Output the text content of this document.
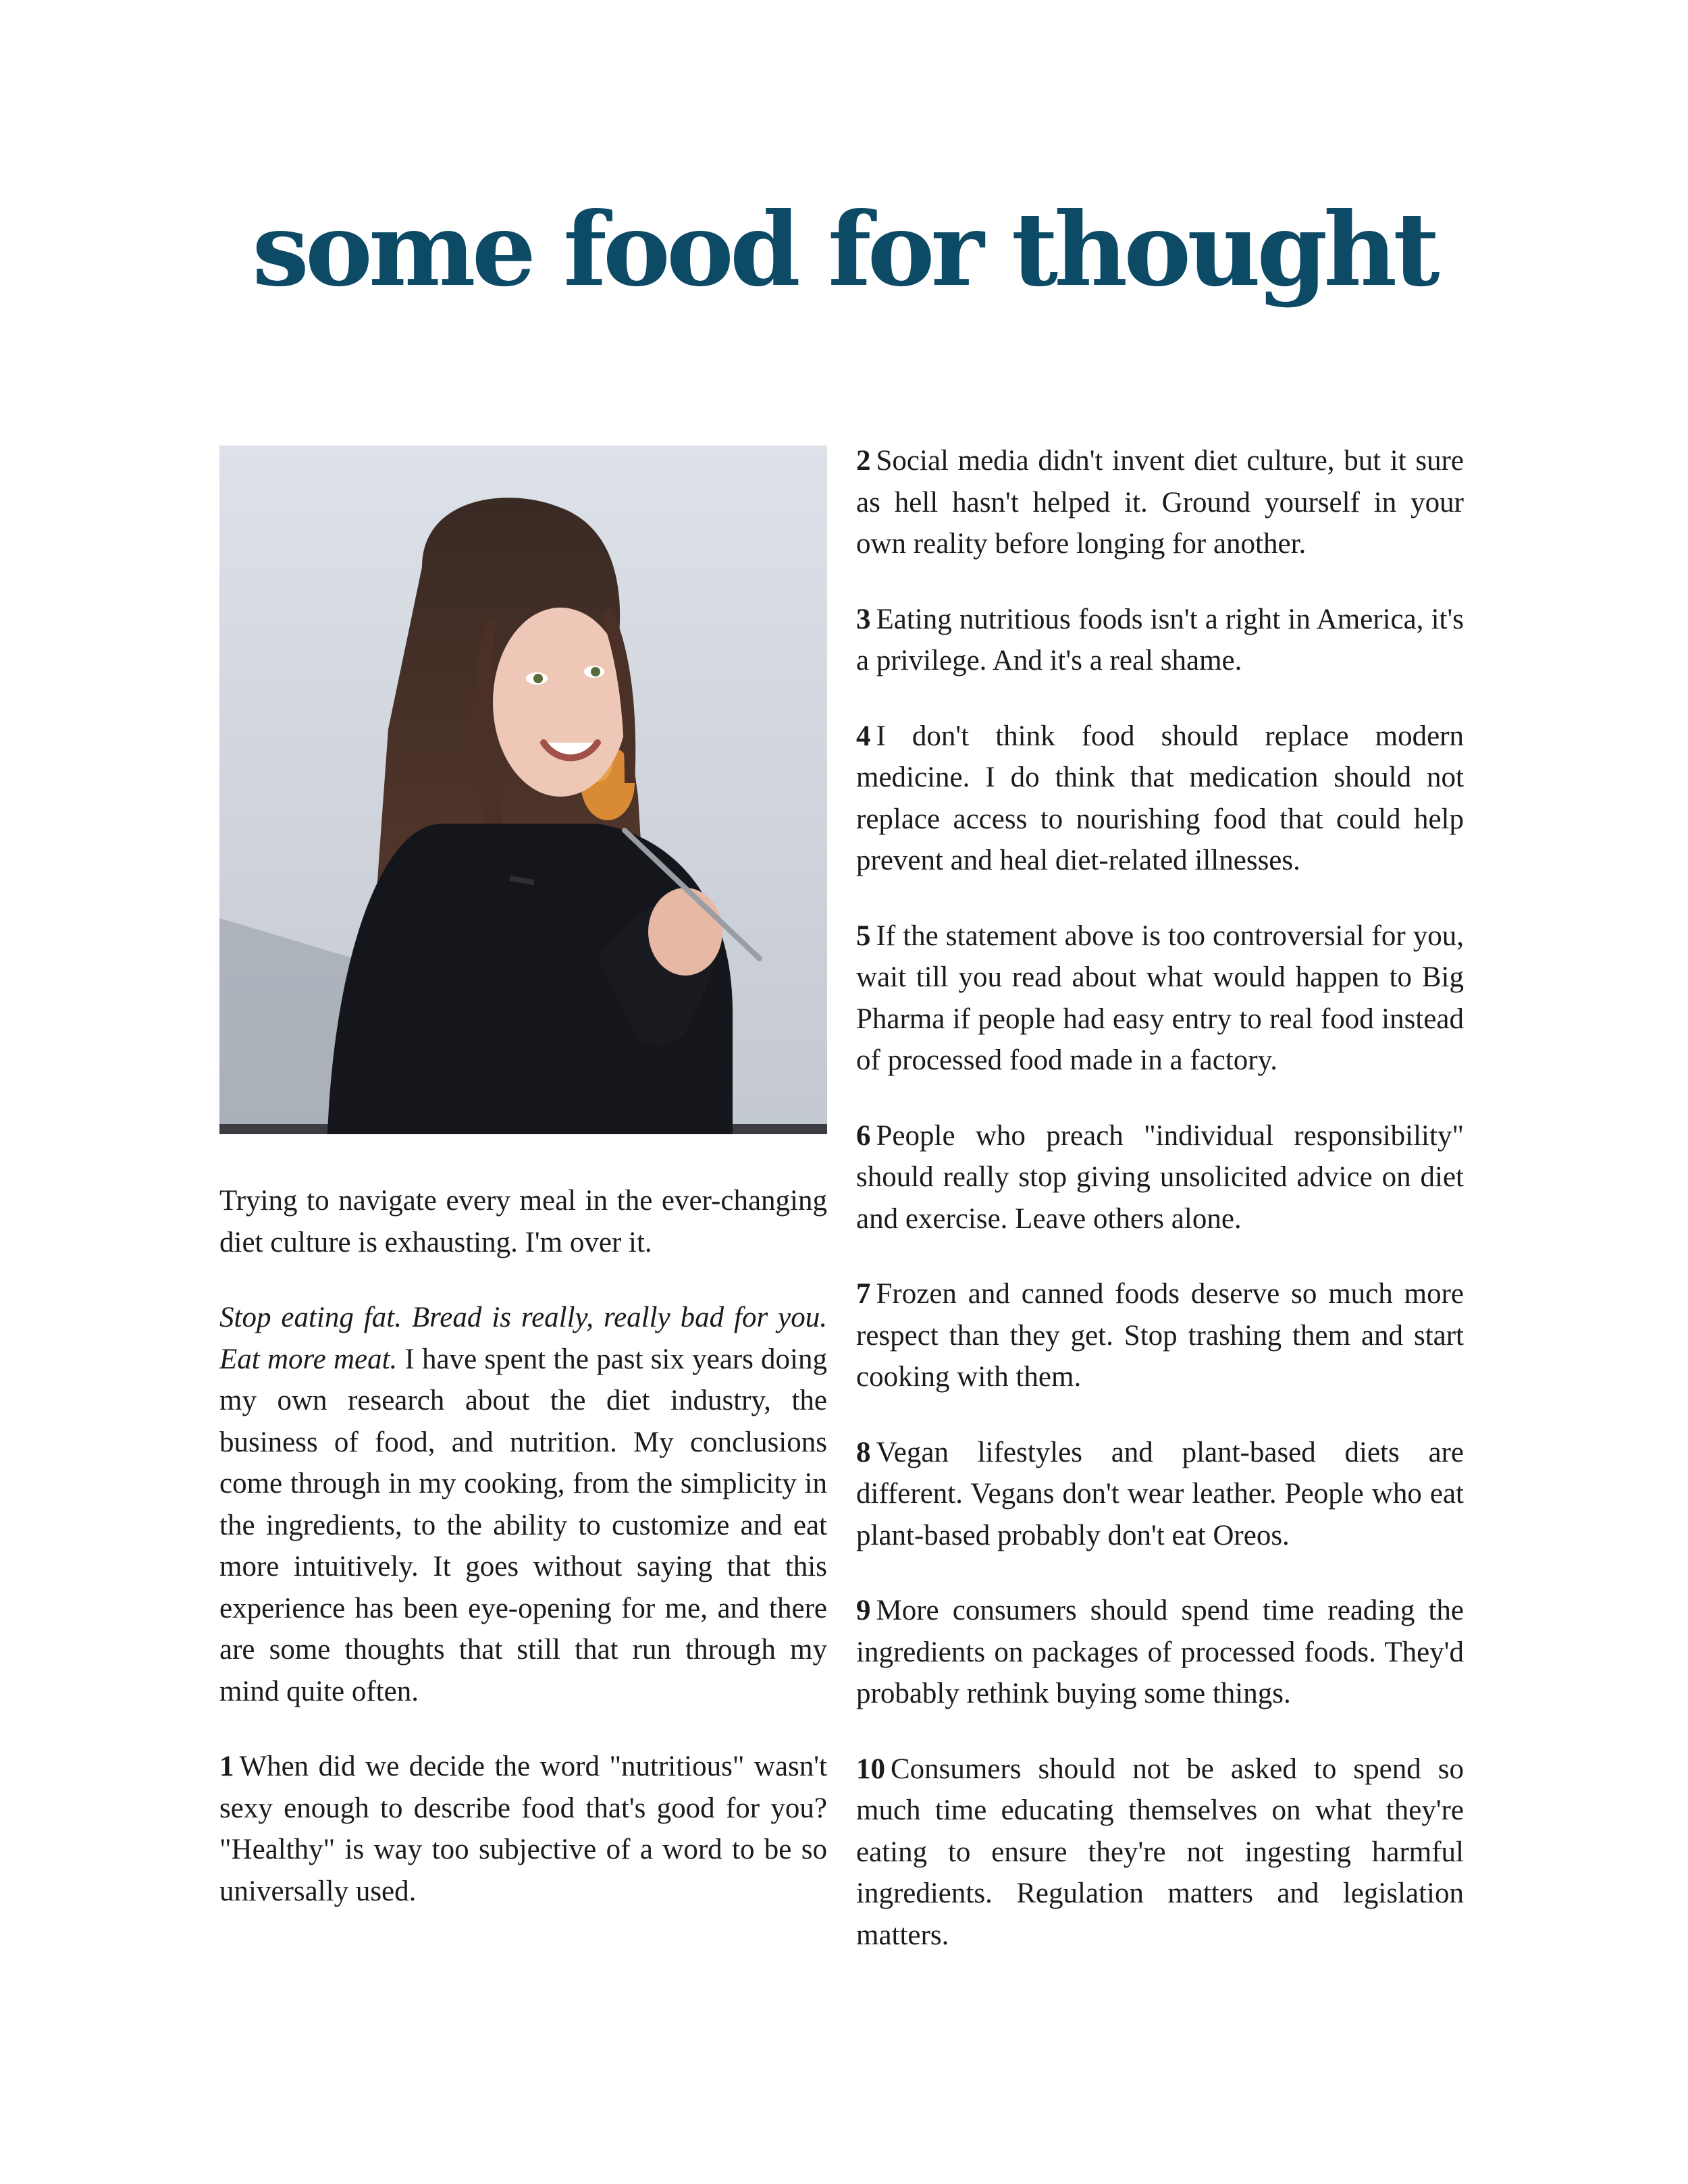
some food for thought

Trying to navigate every meal in the ever-changing diet culture is exhausting. I'm over it.

Stop eating fat. Bread is really, really bad for you. Eat more meat. I have spent the past six years doing my own research about the diet industry, the business of food, and nutrition. My conclusions come through in my cooking, from the simplicity in the ingredients, to the ability to customize and eat more intuitively. It goes without saying that this experience has been eye-opening for me, and there are some thoughts that still that run through my mind quite often.

1 When did we decide the word "nutritious" wasn't sexy enough to describe food that's good for you? "Healthy" is way too subjective of a word to be so universally used.

2 Social media didn't invent diet culture, but it sure as hell hasn't helped it. Ground yourself in your own reality before longing for another.

3 Eating nutritious foods isn't a right in America, it's a privilege. And it's a real shame.

4 I don't think food should replace modern medicine. I do think that medication should not replace access to nourishing food that could help prevent and heal diet-related illnesses.

5 If the statement above is too controversial for you, wait till you read about what would happen to Big Pharma if people had easy entry to real food instead of processed food made in a factory.

6 People who preach "individual responsibility" should really stop giving unsolicited advice on diet and exercise. Leave others alone.

7 Frozen and canned foods deserve so much more respect than they get. Stop trashing them and start cooking with them.

8 Vegan lifestyles and plant-based diets are different. Vegans don't wear leather. People who eat plant-based probably don't eat Oreos.

9 More consumers should spend time reading the ingredients on packages of processed foods. They'd probably rethink buying some things.

10 Consumers should not be asked to spend so much time educating themselves on what they're eating to ensure they're not ingesting harmful ingredients. Regulation matters and legislation matters.
